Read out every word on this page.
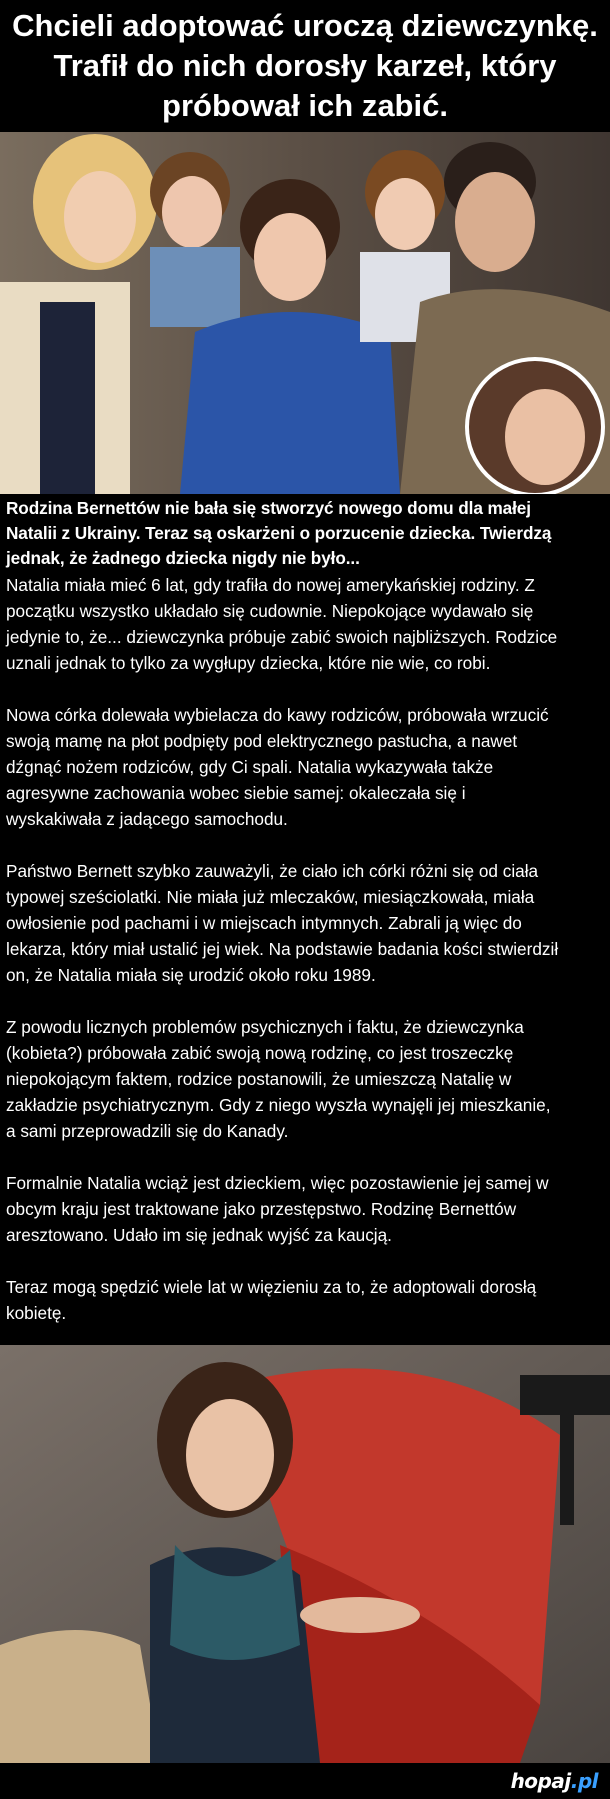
Chcieli adoptować uroczą dziewczynkę.
Trafił do nich dorosły karzeł, który
próbował ich zabić.
Rodzina Bernettów nie bała się stworzyć nowego domu dla małej
Natalii z Ukrainy. Teraz są oskarżeni o porzucenie dziecka. Twierdzą
jednak, że żadnego dziecka nigdy nie było...

Natalia miała mieć 6 lat, gdy trafiła do nowej amerykańskiej rodziny. Z
początku wszystko układało się cudownie. Niepokojące wydawało się
jedynie to, że... dziewczynka próbuje zabić swoich najbliższych. Rodzice
uznali jednak to tylko za wygłupy dziecka, które nie wie, co robi.

Nowa córka dolewała wybielacza do kawy rodziców, próbowała wrzucić
swoją mamę na płot podpięty pod elektrycznego pastucha, a nawet
dźgnąć nożem rodziców, gdy Ci spali. Natalia wykazywała także
agresywne zachowania wobec siebie samej: okaleczała się i
wyskakiwała z jadącego samochodu.

Państwo Bernett szybko zauważyli, że ciało ich córki różni się od ciała
typowej sześciolatki. Nie miała już mleczaków, miesiączkowała, miała
owłosienie pod pachami i w miejscach intymnych. Zabrali ją więc do
lekarza, który miał ustalić jej wiek. Na podstawie badania kości stwierdził
on, że Natalia miała się urodzić około roku 1989.

Z powodu licznych problemów psychicznych i faktu, że dziewczynka
(kobieta?) próbowała zabić swoją nową rodzinę, co jest troszeczkę
niepokojącym faktem, rodzice postanowili, że umieszczą Natalię w
zakładzie psychiatrycznym. Gdy z niego wyszła wynajęli jej mieszkanie,
a sami przeprowadzili się do Kanady.

Formalnie Natalia wciąż jest dzieckiem, więc pozostawienie jej samej w
obcym kraju jest traktowane jako przestępstwo. Rodzinę Bernettów
aresztowano. Udało im się jednak wyjść za kaucją.

Teraz mogą spędzić wiele lat w więzieniu za to, że adoptowali dorosłą
kobietę.

hopaj.pl
